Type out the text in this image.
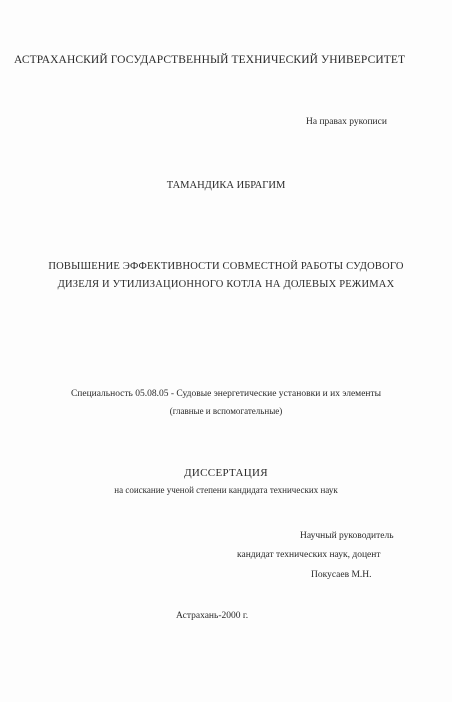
АСТРАХАНСКИЙ ГОСУДАРСТВЕННЫЙ ТЕХНИЧЕСКИЙ УНИВЕРСИТЕТ
На правах рукописи
ТАМАНДИКА ИБРАГИМ
ПОВЫШЕНИЕ ЭФФЕКТИВНОСТИ СОВМЕСТНОЙ РАБОТЫ СУДОВОГО
ДИЗЕЛЯ И УТИЛИЗАЦИОННОГО КОТЛА НА ДОЛЕВЫХ РЕЖИМАХ
Специальность 05.08.05 - Судовые энергетические установки и их элементы
(главные и вспомогательные)
ДИССЕРТАЦИЯ
на соискание ученой степени кандидата технических наук
Научный руководитель
кандидат технических наук, доцент
Покусаев М.Н.
Астрахань-2000 г.
